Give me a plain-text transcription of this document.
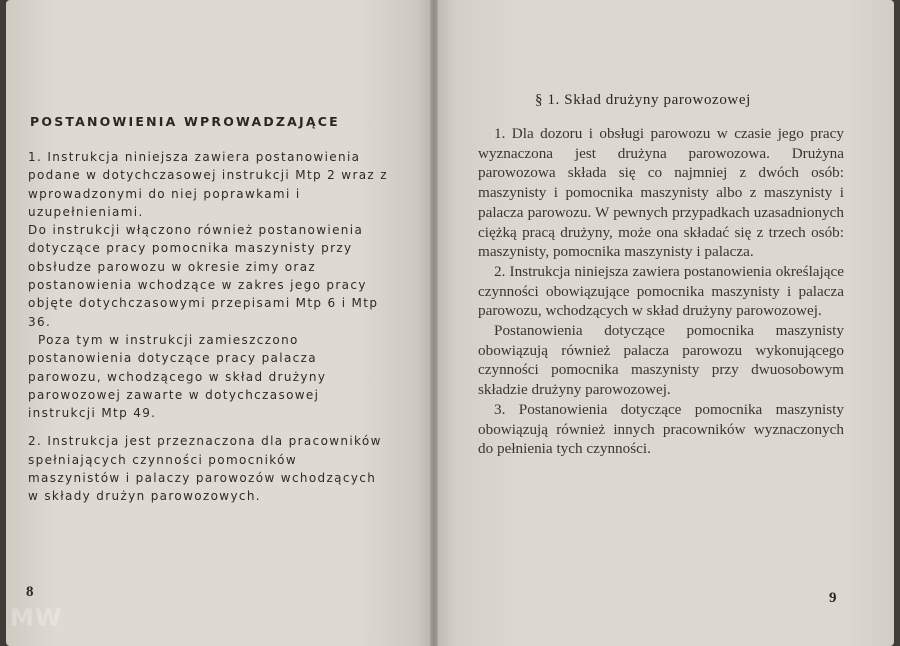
POSTANOWIENIA WPROWADZAJĄCE

1. Instrukcja niniejsza zawiera postanowienia podane w dotychczasowej instrukcji Mtp 2 wraz z wprowadzonymi do niej poprawkami i uzupełnieniami.

Do instrukcji włączono również postanowienia dotyczące pracy pomocnika maszynisty przy obsłudze parowozu w okresie zimy oraz postanowienia wchodzące w zakres jego pracy objęte dotychczasowymi przepisami Mtp 6 i Mtp 36.

Poza tym w instrukcji zamieszczono postanowienia dotyczące pracy palacza parowozu, wchodzącego w skład drużyny parowozowej zawarte w dotychczasowej instrukcji Mtp 49.

2. Instrukcja jest przeznaczona dla pracowników spełniających czynności pomocników maszynistów i palaczy parowozów wchodzących w składy drużyn parowozowych.

§ 1. Skład drużyny parowozowej

1. Dla dozoru i obsługi parowozu w czasie jego pracy wyznaczona jest drużyna parowozowa. Drużyna parowozowa składa się co najmniej z dwóch osób: maszynisty i pomocnika maszynisty albo z maszynisty i palacza parowozu. W pewnych przypadkach uzasadnionych ciężką pracą drużyny, może ona składać się z trzech osób: maszynisty, pomocnika maszynisty i palacza.

2. Instrukcja niniejsza zawiera postanowienia określające czynności obowiązujące pomocnika maszynisty i palacza parowozu, wchodzących w skład drużyny parowozowej.

Postanowienia dotyczące pomocnika maszynisty obowiązują również palacza parowozu wykonującego czynności pomocnika maszynisty przy dwuosobowym składzie drużyny parowozowej.

3. Postanowienia dotyczące pomocnika maszynisty obowiązują również innych pracowników wyznaczonych do pełnienia tych czynności.

8	9
MW
